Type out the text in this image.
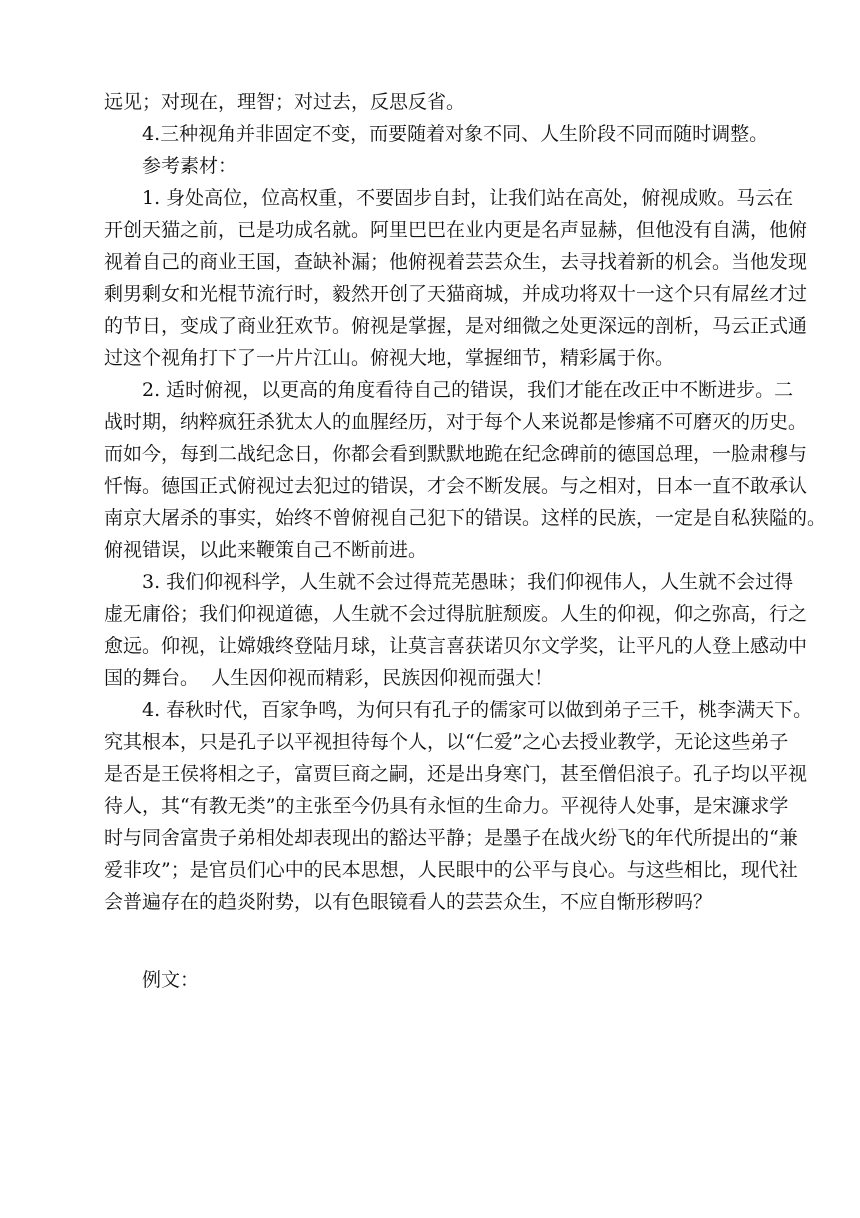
远见；对现在，理智；对过去，反思反省。

4.三种视角并非固定不变，而要随着对象不同、人生阶段不同而随时调整。

参考素材：

1. 身处高位，位高权重，不要固步自封，让我们站在高处，俯视成败。马云在

开创天猫之前，已是功成名就。阿里巴巴在业内更是名声显赫，但他没有自满，他俯

视着自己的商业王国，查缺补漏；他俯视着芸芸众生，去寻找着新的机会。当他发现

剩男剩女和光棍节流行时，毅然开创了天猫商城，并成功将双十一这个只有屌丝才过

的节日，变成了商业狂欢节。俯视是掌握，是对细微之处更深远的剖析，马云正式通

过这个视角打下了一片片江山。俯视大地，掌握细节，精彩属于你。

2. 适时俯视，以更高的角度看待自己的错误，我们才能在改正中不断进步。二

战时期，纳粹疯狂杀犹太人的血腥经历，对于每个人来说都是惨痛不可磨灭的历史。

而如今，每到二战纪念日，你都会看到默默地跪在纪念碑前的德国总理，一脸肃穆与

忏悔。德国正式俯视过去犯过的错误，才会不断发展。与之相对，日本一直不敢承认

南京大屠杀的事实，始终不曾俯视自己犯下的错误。这样的民族，一定是自私狭隘的。

俯视错误，以此来鞭策自己不断前进。

3. 我们仰视科学，人生就不会过得荒芜愚昧；我们仰视伟人，人生就不会过得

虚无庸俗；我们仰视道德，人生就不会过得肮脏颓废。人生的仰视，仰之弥高，行之

愈远。仰视，让嫦娥终登陆月球，让莫言喜获诺贝尔文学奖，让平凡的人登上感动中

国的舞台。  人生因仰视而精彩，民族因仰视而强大！

4. 春秋时代，百家争鸣，为何只有孔子的儒家可以做到弟子三千，桃李满天下。

究其根本，只是孔子以平视担待每个人，以“仁爱”之心去授业教学，无论这些弟子

是否是王侯将相之子，富贾巨商之嗣，还是出身寒门，甚至僧侣浪子。孔子均以平视

待人，其“有教无类”的主张至今仍具有永恒的生命力。平视待人处事，是宋濂求学

时与同舍富贵子弟相处却表现出的豁达平静；是墨子在战火纷飞的年代所提出的“兼

爱非攻”；是官员们心中的民本思想，人民眼中的公平与良心。与这些相比，现代社

会普遍存在的趋炎附势，以有色眼镜看人的芸芸众生，不应自惭形秽吗？

例文：
